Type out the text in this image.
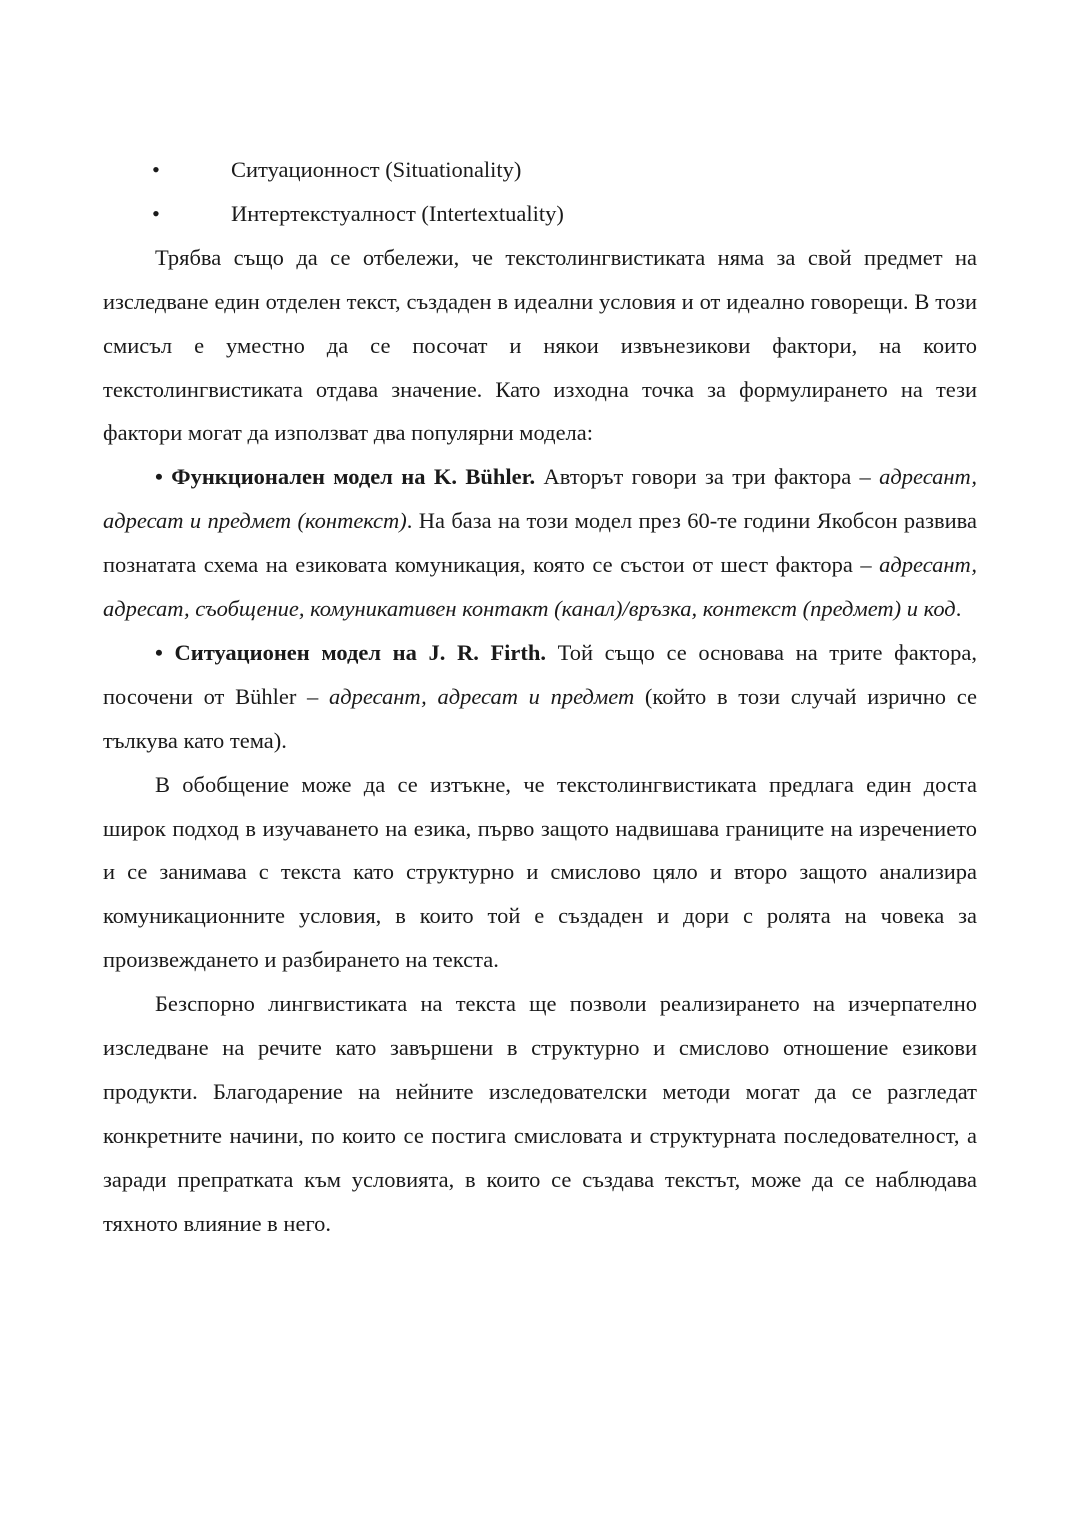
•	Ситуационност (Situationality)
•	Интертекстуалност (Intertextuality)

Трябва също да се отбележи, че текстолингвистиката няма за свой предмет на изследване един отделен текст, създаден в идеални условия и от идеално говорещи. В този смисъл е уместно да се посочат и някои извънезикови фактори, на които текстолингвистиката отдава значение. Като изходна точка за формулирането на тези фактори могат да използват два популярни модела:

• Функционален модел на K. Bühler. Авторът говори за три фактора – адресант, адресат и предмет (контекст). На база на този модел през 60-те години Якобсон развива познатата схема на езиковата комуникация, която се състои от шест фактора – адресант, адресат, съобщение, комуникативен контакт (канал)/връзка, контекст (предмет) и код.

• Ситуационен модел на J. R. Firth. Той също се основава на трите фактора, посочени от Bühler – адресант, адресат и предмет (който в този случай изрично се тълкува като тема).

В обобщение може да се изтъкне, че текстолингвистиката предлага един доста широк подход в изучаването на езика, първо защото надвишава границите на изречението и се занимава с текста като структурно и смислово цяло и второ защото анализира комуникационните условия, в които той е създаден и дори с ролята на човека за произвеждането и разбирането на текста.

Безспорно лингвистиката на текста ще позволи реализирането на изчерпателно изследване на речите като завършени в структурно и смислово отношение езикови продукти. Благодарение на нейните изследователски методи могат да се разгледат конкретните начини, по които се постига смисловата и структурната последователност, а заради препратката към условията, в които се създава текстът, може да се наблюдава тяхното влияние в него.
